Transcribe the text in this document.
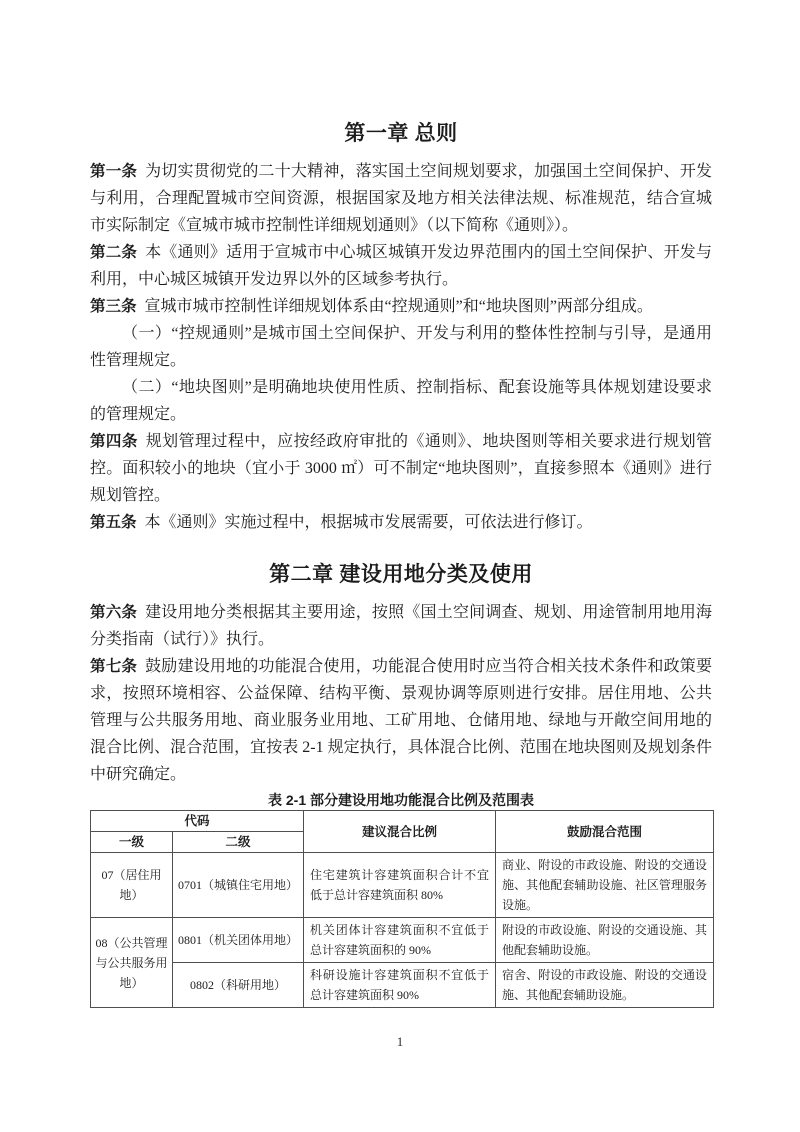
第一章 总则

第一条 为切实贯彻党的二十大精神，落实国土空间规划要求，加强国土空间保护、开发与利用，合理配置城市空间资源，根据国家及地方相关法律法规、标准规范，结合宣城市实际制定《宣城市城市控制性详细规划通则》（以下简称《通则》）。

第二条 本《通则》适用于宣城市中心城区城镇开发边界范围内的国土空间保护、开发与利用，中心城区城镇开发边界以外的区域参考执行。

第三条 宣城市城市控制性详细规划体系由“控规通则”和“地块图则”两部分组成。

（一）“控规通则”是城市国土空间保护、开发与利用的整体性控制与引导，是通用性管理规定。

（二）“地块图则”是明确地块使用性质、控制指标、配套设施等具体规划建设要求的管理规定。

第四条 规划管理过程中，应按经政府审批的《通则》、地块图则等相关要求进行规划管控。面积较小的地块（宜小于 3000 ㎡）可不制定“地块图则”，直接参照本《通则》进行规划管控。

第五条 本《通则》实施过程中，根据城市发展需要，可依法进行修订。

第二章 建设用地分类及使用

第六条 建设用地分类根据其主要用途，按照《国土空间调查、规划、用途管制用地用海分类指南（试行）》执行。

第七条 鼓励建设用地的功能混合使用，功能混合使用时应当符合相关技术条件和政策要求，按照环境相容、公益保障、结构平衡、景观协调等原则进行安排。居住用地、公共管理与公共服务用地、商业服务业用地、工矿用地、仓储用地、绿地与开敞空间用地的混合比例、混合范围，宜按表 2-1 规定执行，具体混合比例、范围在地块图则及规划条件中研究确定。

表 2-1 部分建设用地功能混合比例及范围表

代码		建议混合比例	鼓励混合范围
一级	二级		
07（居住用地）	0701（城镇住宅用地）	住宅建筑计容建筑面积合计不宜低于总计容建筑面积 80%	商业、附设的市政设施、附设的交通设施、其他配套辅助设施、社区管理服务设施。
08（公共管理与公共服务用地）	0801（机关团体用地）	机关团体计容建筑面积不宜低于总计容建筑面积的 90%	附设的市政设施、附设的交通设施、其他配套辅助设施。
	0802（科研用地）	科研设施计容建筑面积不宜低于总计容建筑面积 90%	宿舍、附设的市政设施、附设的交通设施、其他配套辅助设施。
1
